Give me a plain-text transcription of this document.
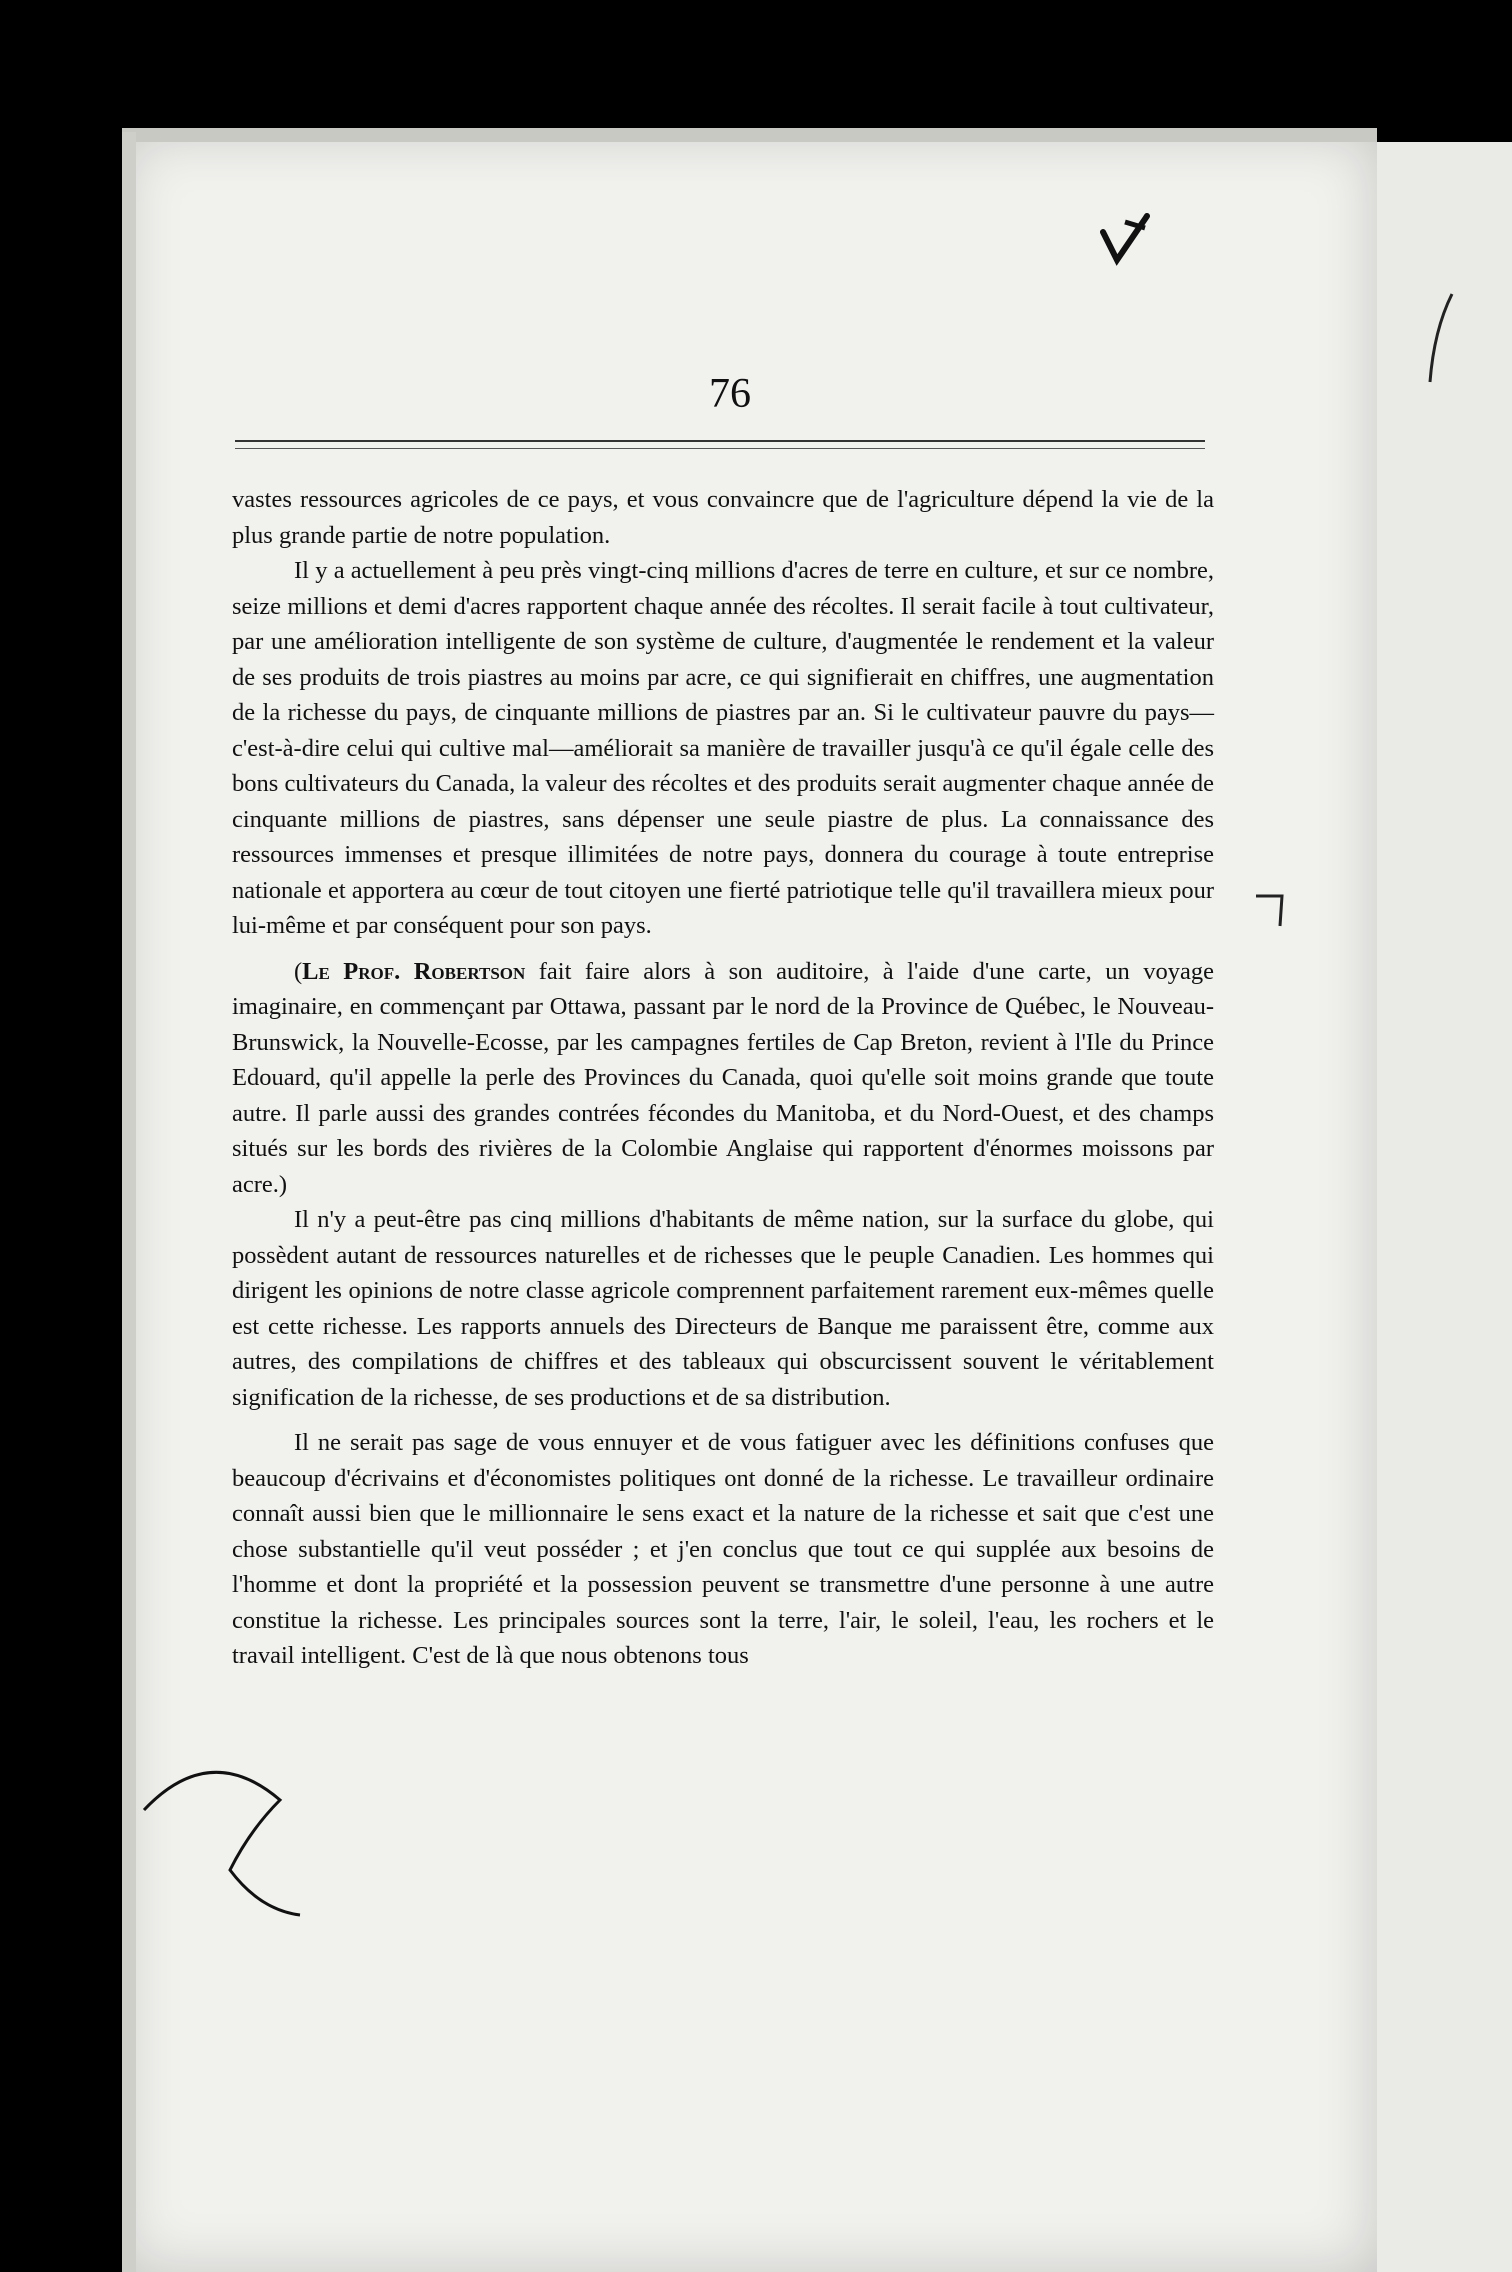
76

vastes ressources agricoles de ce pays, et vous convaincre que de l'agriculture dépend la vie de la plus grande partie de notre population.

Il y a actuellement à peu près vingt-cinq millions d'acres de terre en culture, et sur ce nombre, seize millions et demi d'acres rapportent chaque année des récoltes. Il serait facile à tout cultivateur, par une amélioration intelligente de son système de culture, d'augmentée le rendement et la valeur de ses produits de trois piastres au moins par acre, ce qui signifierait en chiffres, une augmentation de la richesse du pays, de cinquante millions de piastres par an. Si le cultivateur pauvre du pays—c'est-à-dire celui qui cultive mal—améliorait sa manière de travailler jusqu'à ce qu'il égale celle des bons cultivateurs du Canada, la valeur des récoltes et des produits serait augmenter chaque année de cinquante millions de piastres, sans dépenser une seule piastre de plus. La connaissance des ressources immenses et presque illimitées de notre pays, donnera du courage à toute entreprise nationale et apportera au cœur de tout citoyen une fierté patriotique telle qu'il travaillera mieux pour lui-même et par conséquent pour son pays.

(Le Prof. Robertson fait faire alors à son auditoire, à l'aide d'une carte, un voyage imaginaire, en commençant par Ottawa, passant par le nord de la Province de Québec, le Nouveau-Brunswick, la Nouvelle-Ecosse, par les campagnes fertiles de Cap Breton, revient à l'Ile du Prince Edouard, qu'il appelle la perle des Provinces du Canada, quoi qu'elle soit moins grande que toute autre. Il parle aussi des grandes contrées fécondes du Manitoba, et du Nord-Ouest, et des champs situés sur les bords des rivières de la Colombie Anglaise qui rapportent d'énormes moissons par acre.)

Il n'y a peut-être pas cinq millions d'habitants de même nation, sur la surface du globe, qui possèdent autant de ressources naturelles et de richesses que le peuple Canadien. Les hommes qui dirigent les opinions de notre classe agricole comprennent parfaitement rarement eux-mêmes quelle est cette richesse. Les rapports annuels des Directeurs de Banque me paraissent être, comme aux autres, des compilations de chiffres et des tableaux qui obscurcissent souvent le véritablement signification de la richesse, de ses productions et de sa distribution.

Il ne serait pas sage de vous ennuyer et de vous fatiguer avec les définitions confuses que beaucoup d'écrivains et d'économistes politiques ont donné de la richesse. Le travailleur ordinaire connaît aussi bien que le millionnaire le sens exact et la nature de la richesse et sait que c'est une chose substantielle qu'il veut posséder ; et j'en conclus que tout ce qui supplée aux besoins de l'homme et dont la propriété et la possession peuvent se transmettre d'une personne à une autre constitue la richesse. Les principales sources sont la terre, l'air, le soleil, l'eau, les rochers et le travail intelligent. C'est de là que nous obtenons tous
